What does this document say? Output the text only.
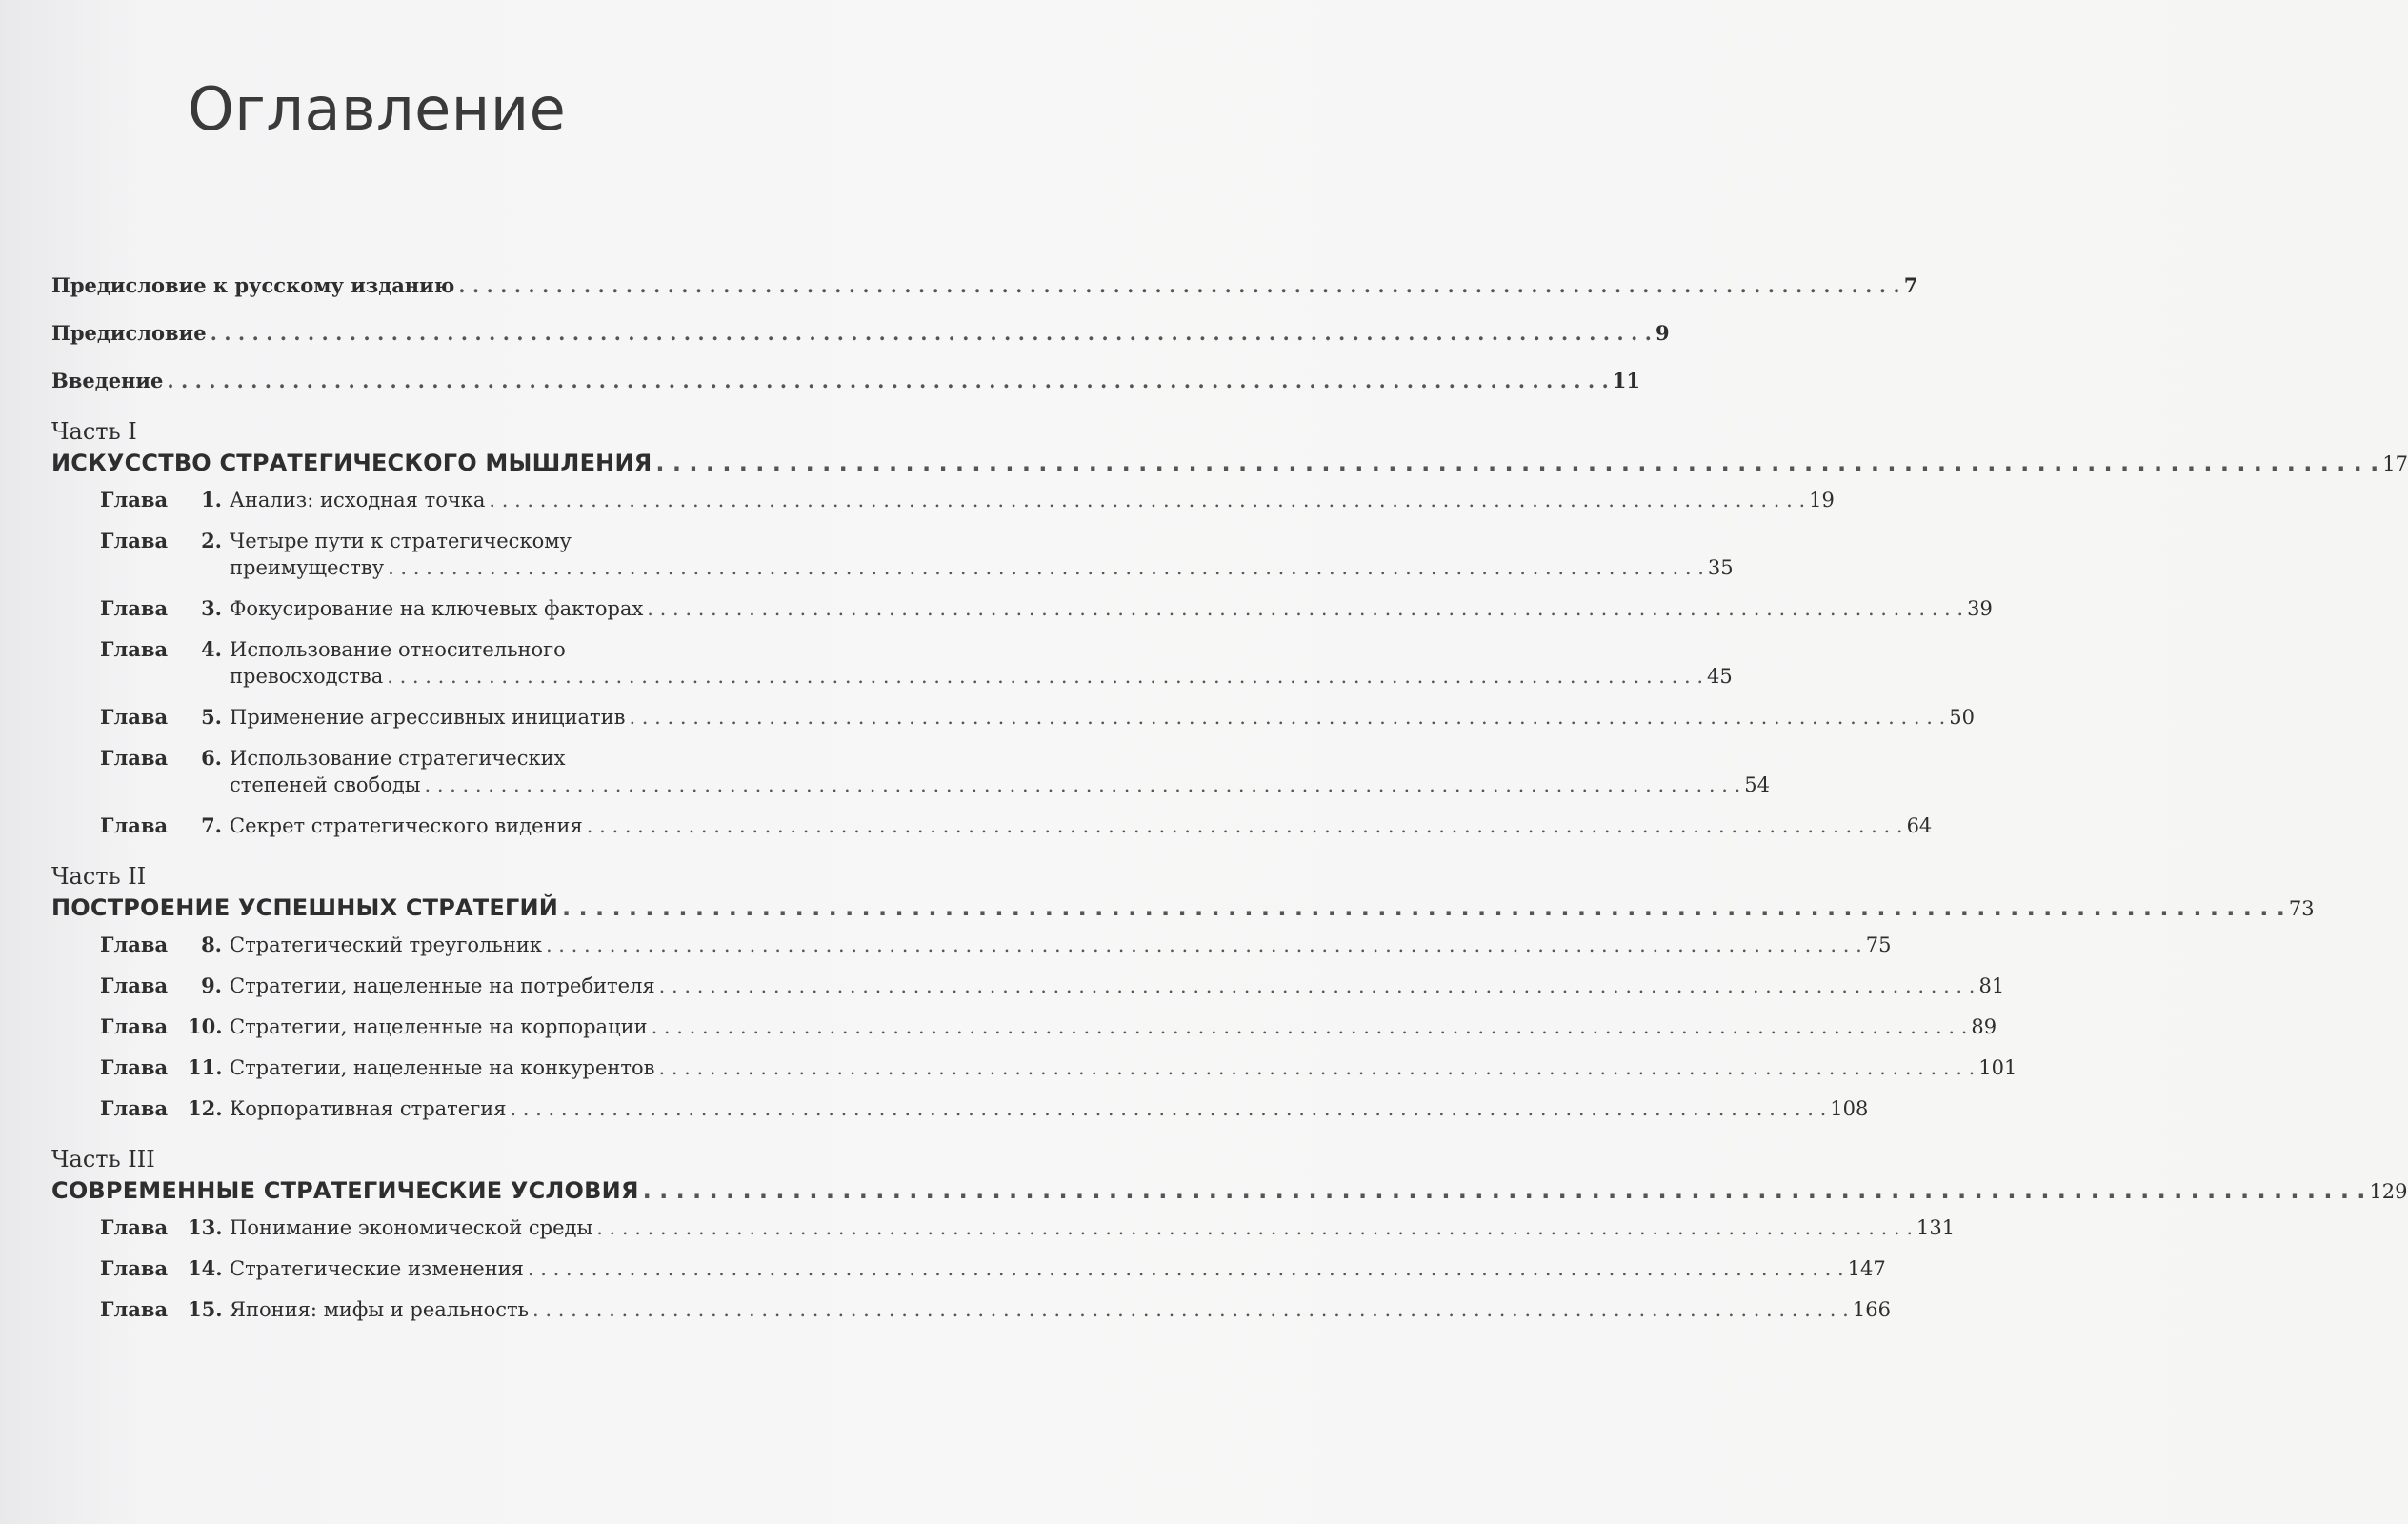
Оглавление
Предисловие к русскому изданию . . .	7
Предисловие . . .	9
Введение . . .	11
Часть I
ИСКУССТВО СТРАТЕГИЧЕСКОГО МЫШЛЕНИЯ . . .	17
Глава	1. Анализ: исходная точка . . .	19
Глава	2. Четыре пути к стратегическому
преимуществу . . .	35
Глава	3. Фокусирование на ключевых факторах . . .	39
Глава	4. Использование относительного
превосходства . . .	45
Глава	5. Применение агрессивных инициатив . . .	50
Глава	6. Использование стратегических
степеней свободы . . .	54
Глава	7. Секрет стратегического видения . . .	64
Часть II
ПОСТРОЕНИЕ УСПЕШНЫХ СТРАТЕГИЙ . . .	73
Глава	8. Стратегический треугольник . . .	75
Глава	9. Стратегии, нацеленные на потребителя . . .	81
Глава 10. Стратегии, нацеленные на корпорации . . .	89
Глава 11. Стратегии, нацеленные на конкурентов . . .	101
Глава 12. Корпоративная стратегия . . .	108
Часть III
СОВРЕМЕННЫЕ СТРАТЕГИЧЕСКИЕ УСЛОВИЯ . . .	129
Глава 13. Понимание экономической среды . . .	131
Глава 14. Стратегические изменения . . .	147
Глава 15. Япония: мифы и реальность . . .	166
